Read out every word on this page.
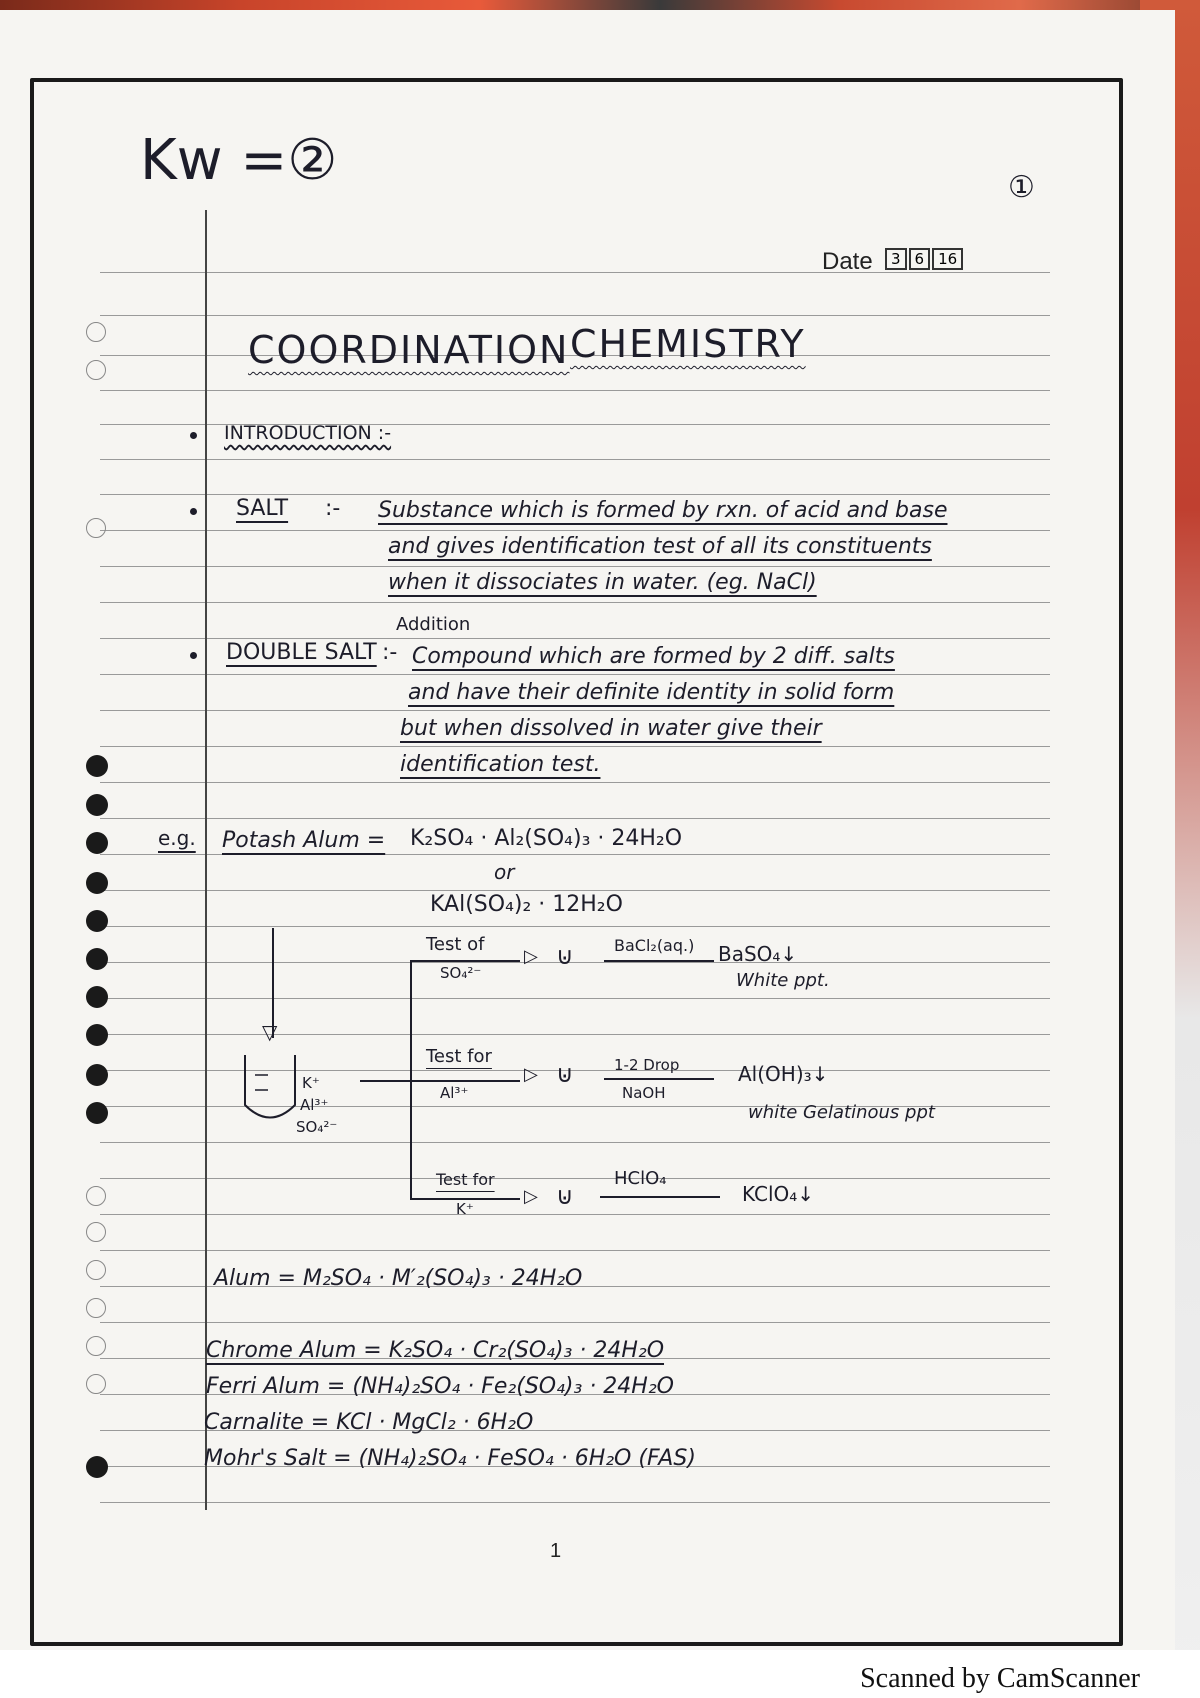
Kw =②	①
Date	3 6 16
COORDINATION CHEMISTRY
INTRODUCTION :-
SALT :- Substance which is formed by rxn. of acid and base
and gives identification test of all its constituents
when it dissociates in water. (eg. NaCl)
Addition
DOUBLE SALT :- Compound which are formed by 2 diff. salts
and have their definite identity in solid form
but when dissolved in water give their
identification test.
e.g. Potash Alum = K₂SO₄ · Al₂(SO₄)₃ · 24H₂O
or
KAl(SO₄)₂ · 12H₂O
▽
K⁺
Al³⁺
SO₄²⁻
Test of
SO₄²⁻
▷ ⊍	BaCl₂(aq.) BaSO₄↓
White ppt.
Test for
Al³⁺
▷ ⊍	1-2 Drop
NaOH
Al(OH)₃↓
white Gelatinous ppt
Test for
K⁺
▷ ⊍
HClO₄
KClO₄↓
Alum = M₂SO₄ · M′₂(SO₄)₃ · 24H₂O
Chrome Alum = K₂SO₄ · Cr₂(SO₄)₃ · 24H₂O
Ferri Alum = (NH₄)₂SO₄ · Fe₂(SO₄)₃ · 24H₂O
Carnalite = KCl · MgCl₂ · 6H₂O
Mohr's Salt = (NH₄)₂SO₄ · FeSO₄ · 6H₂O (FAS)
1
Scanned by CamScanner
